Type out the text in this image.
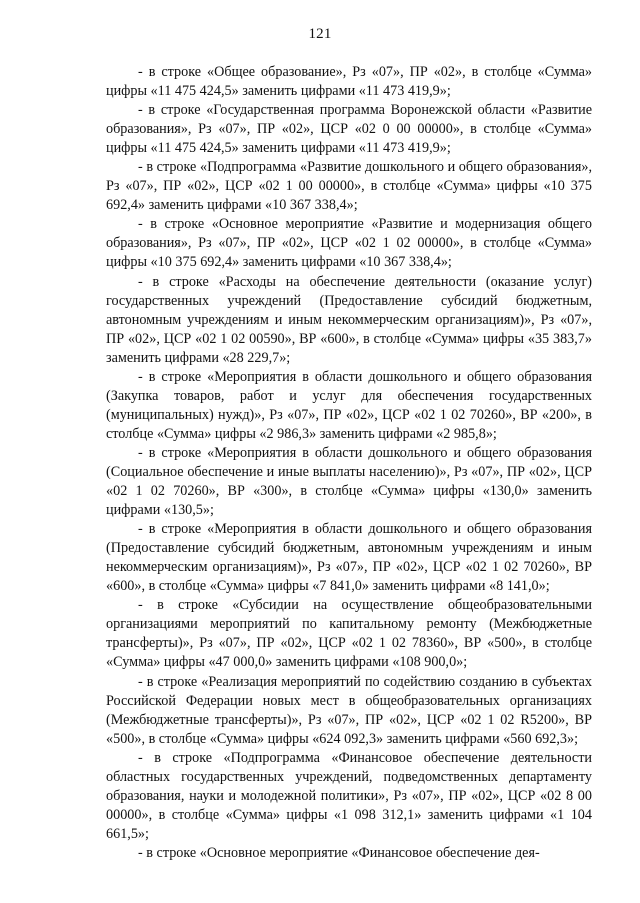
121

- в строке «Общее образование», Рз «07», ПР «02», в столбце «Сумма» цифры «11 475 424,5» заменить цифрами «11 473 419,9»;

- в строке «Государственная программа Воронежской области «Развитие образования», Рз «07», ПР «02», ЦСР «02 0 00 00000», в столбце «Сумма» цифры «11 475 424,5» заменить цифрами «11 473 419,9»;

- в строке «Подпрограмма «Развитие дошкольного и общего образования», Рз «07», ПР «02», ЦСР «02 1 00 00000», в столбце «Сумма» цифры «10 375 692,4» заменить цифрами «10 367 338,4»;

- в строке «Основное мероприятие «Развитие и модернизация общего образования», Рз «07», ПР «02», ЦСР «02 1 02 00000», в столбце «Сумма» цифры «10 375 692,4» заменить цифрами «10 367 338,4»;

- в строке «Расходы на обеспечение деятельности (оказание услуг) государственных учреждений (Предоставление субсидий бюджетным, автономным учреждениям и иным некоммерческим организациям)», Рз «07», ПР «02», ЦСР «02 1 02 00590», ВР «600», в столбце «Сумма» цифры «35 383,7» заменить цифрами «28 229,7»;

- в строке «Мероприятия в области дошкольного и общего образования (Закупка товаров, работ и услуг для обеспечения государственных (муниципальных) нужд)», Рз «07», ПР «02», ЦСР «02 1 02 70260», ВР «200», в столбце «Сумма» цифры «2 986,3» заменить цифрами «2 985,8»;

- в строке «Мероприятия в области дошкольного и общего образования (Социальное обеспечение и иные выплаты населению)», Рз «07», ПР «02», ЦСР «02 1 02 70260», ВР «300», в столбце «Сумма» цифры «130,0» заменить цифрами «130,5»;

- в строке «Мероприятия в области дошкольного и общего образования (Предоставление субсидий бюджетным, автономным учреждениям и иным некоммерческим организациям)», Рз «07», ПР «02», ЦСР «02 1 02 70260», ВР «600», в столбце «Сумма» цифры «7 841,0» заменить цифрами «8 141,0»;

- в строке «Субсидии на осуществление общеобразовательными организациями мероприятий по капитальному ремонту (Межбюджетные трансферты)», Рз «07», ПР «02», ЦСР «02 1 02 78360», ВР «500», в столбце «Сумма» цифры «47 000,0» заменить цифрами «108 900,0»;

- в строке «Реализация мероприятий по содействию созданию в субъектах Российской Федерации новых мест в общеобразовательных организациях (Межбюджетные трансферты)», Рз «07», ПР «02», ЦСР «02 1 02 R5200», ВР «500», в столбце «Сумма» цифры «624 092,3» заменить цифрами «560 692,3»;

- в строке «Подпрограмма «Финансовое обеспечение деятельности областных государственных учреждений, подведомственных департаменту образования, науки и молодежной политики», Рз «07», ПР «02», ЦСР «02 8 00 00000», в столбце «Сумма» цифры «1 098 312,1» заменить цифрами «1 104 661,5»;

- в строке «Основное мероприятие «Финансовое обеспечение дея-
